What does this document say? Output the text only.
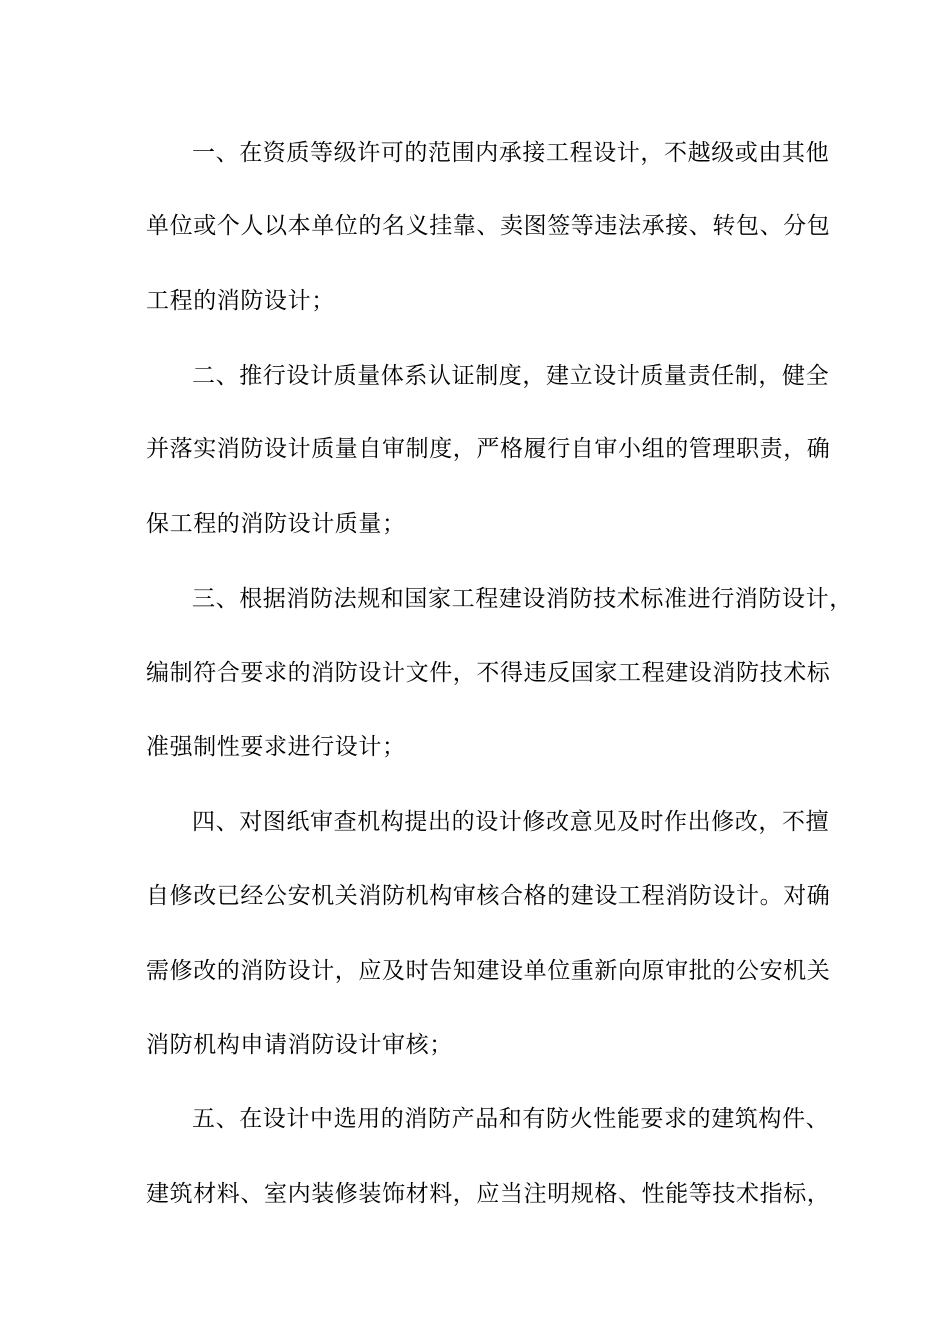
一、在资质等级许可的范围内承接工程设计，不越级或由其他
单位或个人以本单位的名义挂靠、卖图签等违法承接、转包、分包
工程的消防设计；
二、推行设计质量体系认证制度，建立设计质量责任制，健全
并落实消防设计质量自审制度，严格履行自审小组的管理职责，确
保工程的消防设计质量；
三、根据消防法规和国家工程建设消防技术标准进行消防设计，
编制符合要求的消防设计文件，不得违反国家工程建设消防技术标
准强制性要求进行设计；
四、对图纸审查机构提出的设计修改意见及时作出修改，不擅
自修改已经公安机关消防机构审核合格的建设工程消防设计。对确
需修改的消防设计，应及时告知建设单位重新向原审批的公安机关
消防机构申请消防设计审核；
五、在设计中选用的消防产品和有防火性能要求的建筑构件、
建筑材料、室内装修装饰材料，应当注明规格、性能等技术指标，
